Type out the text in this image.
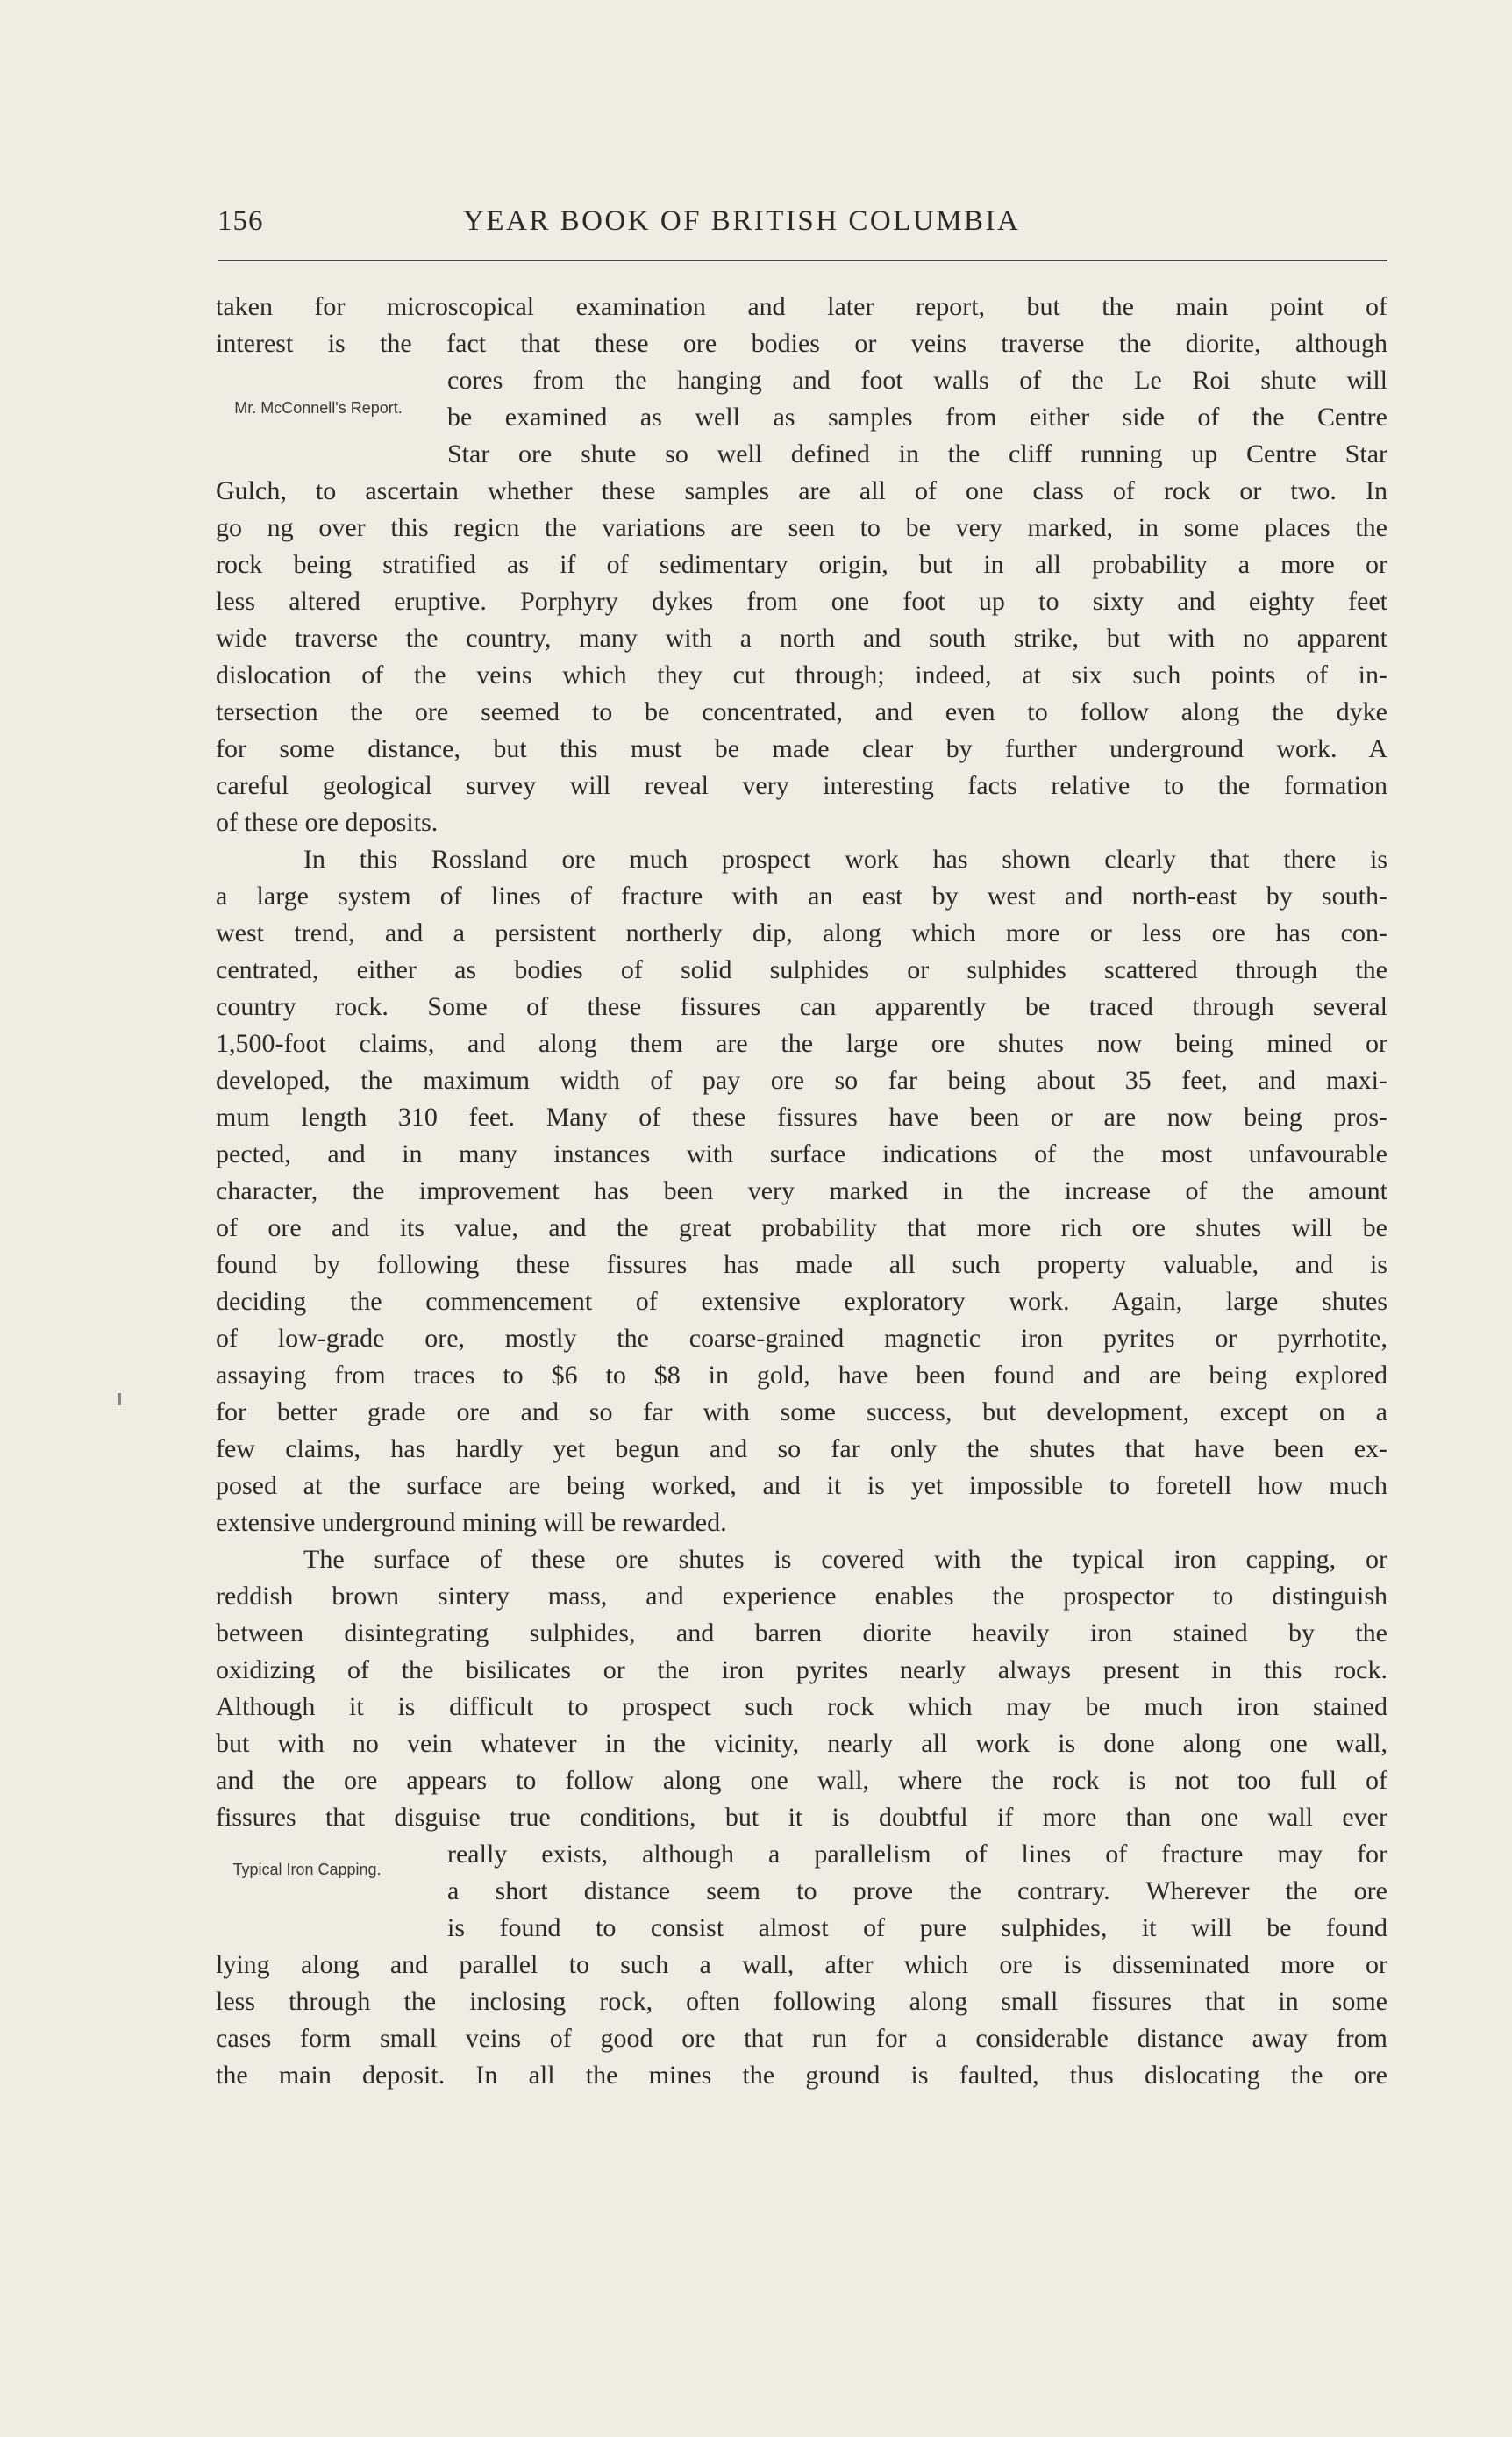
156	YEAR BOOK OF BRITISH COLUMBIA
Mr. McConnell's Report.
Typical Iron Capping.
taken for microscopical examination and later report, but the main point of
interest is the fact that these ore bodies or veins traverse the diorite, although
cores from the hanging and foot walls of the Le Roi shute will
be examined as well as samples from either side of the Centre
Star ore shute so well defined in the cliff running up Centre Star
Gulch, to ascertain whether these samples are all of one class of rock or two. In
go ng over this regicn the variations are seen to be very marked, in some places the
rock being stratified as if of sedimentary origin, but in all probability a more or
less altered eruptive. Porphyry dykes from one foot up to sixty and eighty feet
wide traverse the country, many with a north and south strike, but with no apparent
dislocation of the veins which they cut through; indeed, at six such points of in-
tersection the ore seemed to be concentrated, and even to follow along the dyke
for some distance, but this must be made clear by further underground work. A
careful geological survey will reveal very interesting facts relative to the formation
of these ore deposits.
In this Rossland ore much prospect work has shown clearly that there is
a large system of lines of fracture with an east by west and north-east by south-
west trend, and a persistent northerly dip, along which more or less ore has con-
centrated, either as bodies of solid sulphides or sulphides scattered through the
country rock. Some of these fissures can apparently be traced through several
1,500-foot claims, and along them are the large ore shutes now being mined or
developed, the maximum width of pay ore so far being about 35 feet, and maxi-
mum length 310 feet. Many of these fissures have been or are now being pros-
pected, and in many instances with surface indications of the most unfavourable
character, the improvement has been very marked in the increase of the amount
of ore and its value, and the great probability that more rich ore shutes will be
found by following these fissures has made all such property valuable, and is
deciding the commencement of extensive exploratory work. Again, large shutes
of low-grade ore, mostly the coarse-grained magnetic iron pyrites or pyrrhotite,
assaying from traces to $6 to $8 in gold, have been found and are being explored
for better grade ore and so far with some success, but development, except on a
few claims, has hardly yet begun and so far only the shutes that have been ex-
posed at the surface are being worked, and it is yet impossible to foretell how much
extensive underground mining will be rewarded.
The surface of these ore shutes is covered with the typical iron capping, or
reddish brown sintery mass, and experience enables the prospector to distinguish
between disintegrating sulphides, and barren diorite heavily iron stained by the
oxidizing of the bisilicates or the iron pyrites nearly always present in this rock.
Although it is difficult to prospect such rock which may be much iron stained
but with no vein whatever in the vicinity, nearly all work is done along one wall,
and the ore appears to follow along one wall, where the rock is not too full of
fissures that disguise true conditions, but it is doubtful if more than one wall ever
really exists, although a parallelism of lines of fracture may for
a short distance seem to prove the contrary. Wherever the ore
is found to consist almost of pure sulphides, it will be found
lying along and parallel to such a wall, after which ore is disseminated more or
less through the inclosing rock, often following along small fissures that in some
cases form small veins of good ore that run for a considerable distance away from
the main deposit. In all the mines the ground is faulted, thus dislocating the ore
